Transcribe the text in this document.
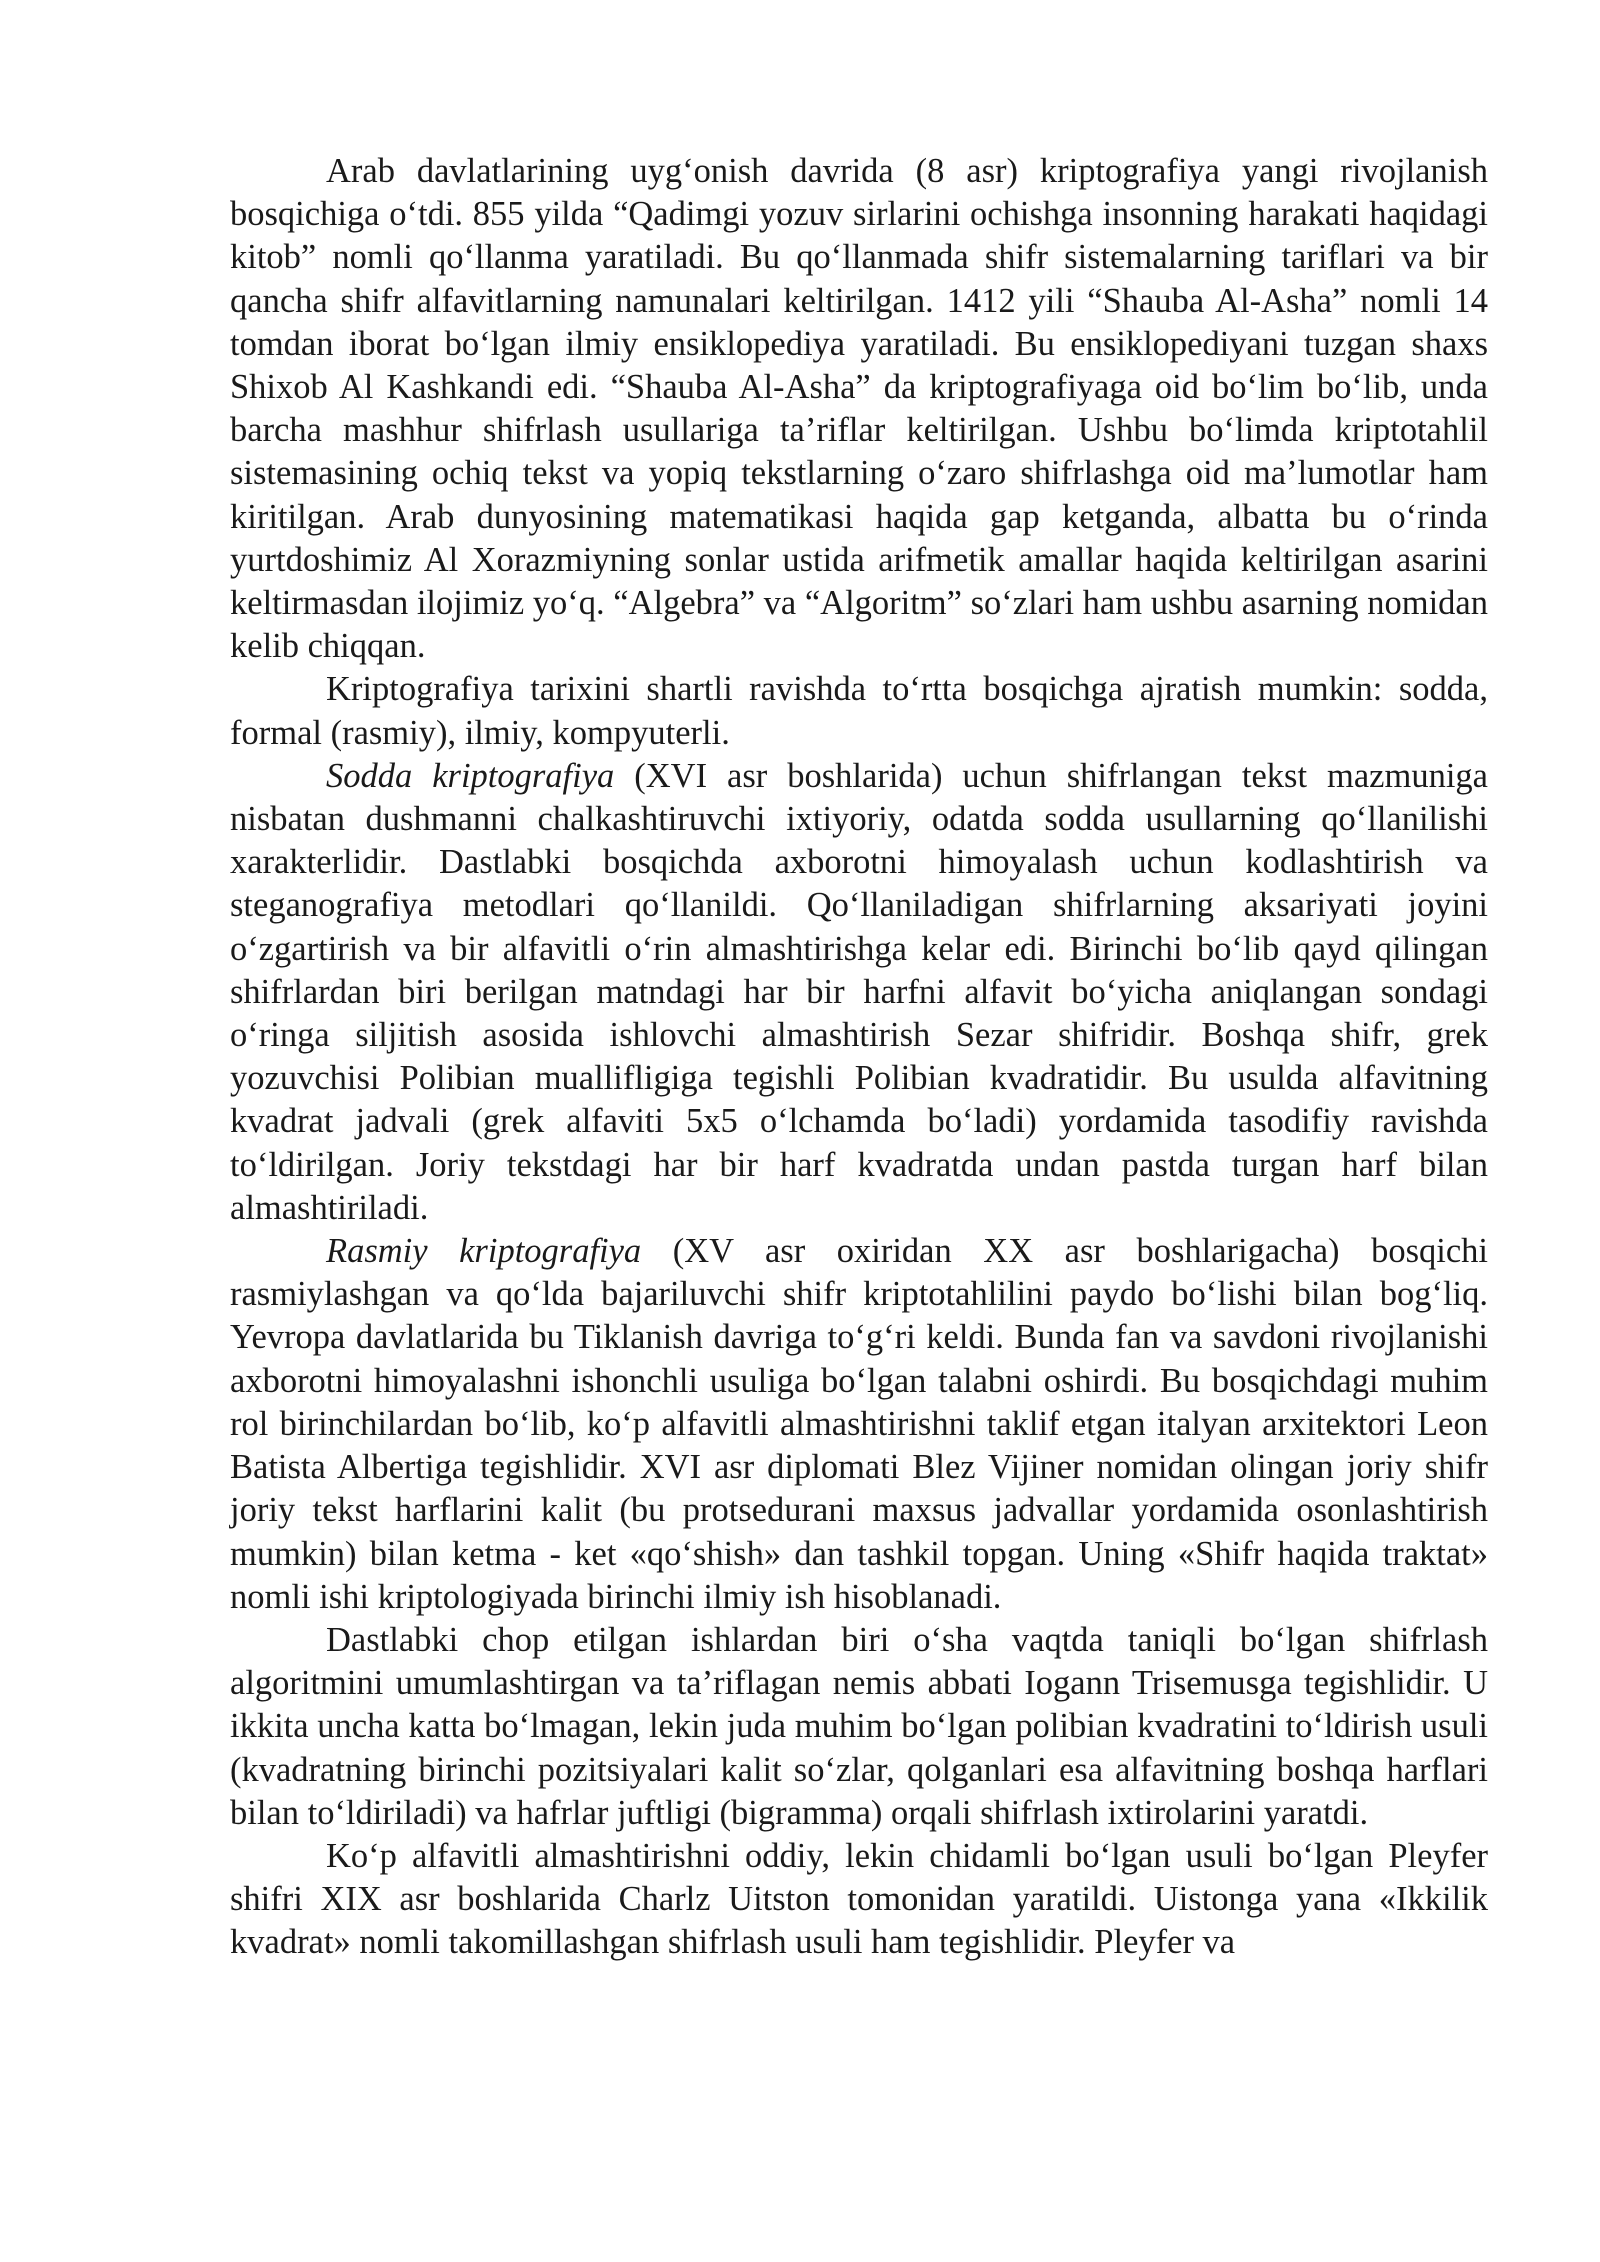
Arab davlatlarining uyg‘onish davrida (8 asr) kriptografiya yangi rivojlanish bosqichiga o‘tdi. 855 yilda “Qadimgi yozuv sirlarini ochishga insonning harakati haqidagi kitob” nomli qo‘llanma yaratiladi. Bu qo‘llanmada shifr sistemalarning tariflari va bir qancha shifr alfavitlarning namunalari keltirilgan. 1412 yili “Shauba Al-Asha” nomli 14 tomdan iborat bo‘lgan ilmiy ensiklopediya yaratiladi. Bu ensiklopediyani tuzgan shaxs Shixob Al Kashkandi edi. “Shauba Al-Asha” da kriptografiyaga oid bo‘lim bo‘lib, unda barcha mashhur shifrlash usullariga ta’riflar keltirilgan. Ushbu bo‘limda kriptotahlil sistemasining ochiq tekst va yopiq tekstlarning o‘zaro shifrlashga oid ma’lumotlar ham kiritilgan. Arab dunyosining matematikasi haqida gap ketganda, albatta bu o‘rinda yurtdoshimiz Al Xorazmiyning sonlar ustida arifmetik amallar haqida keltirilgan asarini keltirmasdan ilojimiz yo‘q. “Algebra” va “Algoritm” so‘zlari ham ushbu asarning nomidan kelib chiqqan.

Kriptografiya tarixini shartli ravishda to‘rtta bosqichga ajratish mumkin: sodda, formal (rasmiy), ilmiy, kompyuterli.

Sodda kriptografiya (XVI asr boshlarida) uchun shifrlangan tekst mazmuniga nisbatan dushmanni chalkashtiruvchi ixtiyoriy, odatda sodda usullarning qo‘llanilishi xarakterlidir. Dastlabki bosqichda axborotni himoyalash uchun kodlashtirish va steganografiya metodlari qo‘llanildi. Qo‘llaniladigan shifrlarning aksariyati joyini o‘zgartirish va bir alfavitli o‘rin almashtirishga kelar edi. Birinchi bo‘lib qayd qilingan shifrlardan biri berilgan matndagi har bir harfni alfavit bo‘yicha aniqlangan sondagi o‘ringa siljitish asosida ishlovchi almashtirish Sezar shifridir. Boshqa shifr, grek yozuvchisi Polibian muallifligiga tegishli Polibian kvadratidir. Bu usulda alfavitning kvadrat jadvali (grek alfaviti 5x5 o‘lchamda bo‘ladi) yordamida tasodifiy ravishda to‘ldirilgan. Joriy tekstdagi har bir harf kvadratda undan pastda turgan harf bilan almashtiriladi.

Rasmiy kriptografiya (XV asr oxiridan XX asr boshlarigacha) bosqichi rasmiylashgan va qo‘lda bajariluvchi shifr kriptotahlilini paydo bo‘lishi bilan bog‘liq. Yevropa davlatlarida bu Tiklanish davriga to‘g‘ri keldi. Bunda fan va savdoni rivojlanishi axborotni himoyalashni ishonchli usuliga bo‘lgan talabni oshirdi. Bu bosqichdagi muhim rol birinchilardan bo‘lib, ko‘p alfavitli almashtirishni taklif etgan italyan arxitektori Leon Batista Albertiga tegishlidir. XVI asr diplomati Blez Vijiner nomidan olingan joriy shifr joriy tekst harflarini kalit (bu protsedurani maxsus jadvallar yordamida osonlashtirish mumkin) bilan ketma - ket «qo‘shish» dan tashkil topgan. Uning «Shifr haqida traktat» nomli ishi kriptologiyada birinchi ilmiy ish hisoblanadi.

Dastlabki chop etilgan ishlardan biri o‘sha vaqtda taniqli bo‘lgan shifrlash algoritmini umumlashtirgan va ta’riflagan nemis abbati Iogann Trisemusga tegishlidir. U ikkita uncha katta bo‘lmagan, lekin juda muhim bo‘lgan polibian kvadratini to‘ldirish usuli (kvadratning birinchi pozitsiyalari kalit so‘zlar, qolganlari esa alfavitning boshqa harflari bilan to‘ldiriladi) va hafrlar juftligi (bigramma) orqali shifrlash ixtirolarini yaratdi.

Ko‘p alfavitli almashtirishni oddiy, lekin chidamli bo‘lgan usuli bo‘lgan Pleyfer shifri XIX asr boshlarida Charlz Uitston tomonidan yaratildi. Uistonga yana «Ikkilik kvadrat» nomli takomillashgan shifrlash usuli ham tegishlidir. Pleyfer va
